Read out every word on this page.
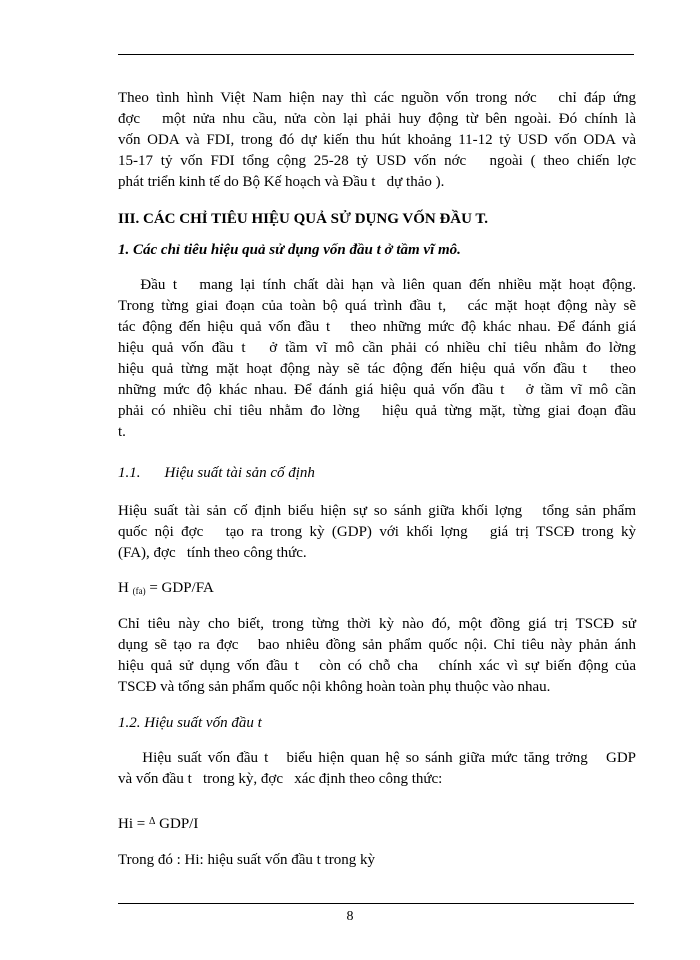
Theo tình hình Việt Nam hiện nay thì các nguồn vốn trong nớc   chỉ đáp ứng
đợc   một nửa nhu cầu, nửa còn lại phải huy động từ bên ngoài. Đó chính là
vốn ODA và FDI, trong đó dự kiến thu hút khoảng 11-12 tỷ USD vốn ODA và
15-17 tỷ vốn FDI tổng cộng 25-28 tỷ USD vốn nớc   ngoài ( theo chiến lợc
phát triển kinh tế do Bộ Kế hoạch và Đầu t   dự thảo ).

III. CÁC CHỈ TIÊU HIỆU QUẢ SỬ DỤNG VỐN ĐẦU T.

1. Các chỉ tiêu hiệu quả sử dụng vốn đầu t ở tầm vĩ mô.

Đầu t   mang lại tính chất dài hạn và liên quan đến nhiều mặt hoạt động.
Trong từng giai đoạn của toàn bộ quá trình đầu t,   các mặt hoạt động này sẽ
tác động đến hiệu quả vốn đầu t   theo những mức độ khác nhau. Để đánh giá
hiệu quả vốn đầu t   ở tầm vĩ mô cần phải có nhiều chỉ tiêu nhằm đo lờng
hiệu quả từng mặt hoạt động này sẽ tác động đến hiệu quả vốn đầu t   theo
những mức độ khác nhau. Để đánh giá hiệu quả vốn đầu t   ở tầm vĩ mô cần
phải có nhiều chỉ tiêu nhằm đo lờng   hiệu quả từng mặt, từng giai đoạn đầu
t.

1.1. Hiệu suất tài sản cố định

Hiệu suất tài sản cố định biểu hiện sự so sánh giữa khối lợng   tổng sản phẩm
quốc nội đợc   tạo ra trong kỳ (GDP) với khối lợng   giá trị TSCĐ trong kỳ
(FA), đợc   tính theo công thức.

H $_{(fa)}$ = GDP/FA

Chỉ tiêu này cho biết, trong từng thời kỳ nào đó, một đồng giá trị TSCĐ sử
dụng sẽ tạo ra đợc   bao nhiêu đồng sản phẩm quốc nội. Chỉ tiêu này phản ánh
hiệu quả sử dụng vốn đầu t   còn có chỗ cha   chính xác vì sự biến động của
TSCĐ và tổng sản phẩm quốc nội không hoàn toàn phụ thuộc vào nhau.

1.2. Hiệu suất vốn đầu t

Hiệu suất vốn đầu t   biểu hiện quan hệ so sánh giữa mức tăng trởng   GDP
và vốn đầu t   trong kỳ, đợc   xác định theo công thức:

Hi = $^\Delta$ GDP/I

Trong đó : Hi: hiệu suất vốn đầu t trong kỳ

8
